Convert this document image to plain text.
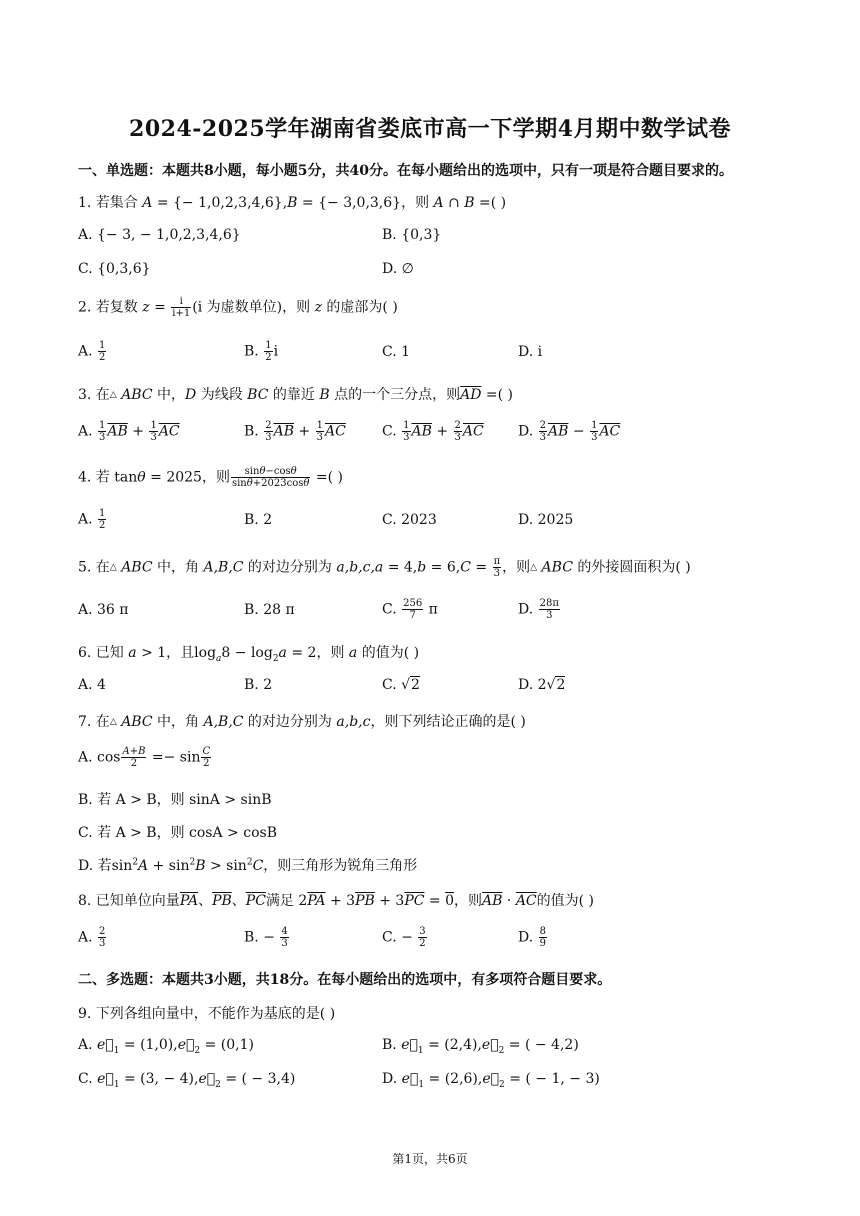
2024-2025学年湖南省娄底市高一下学期4月期中数学试卷
一、单选题：本题共8小题，每小题5分，共40分。在每小题给出的选项中，只有一项是符合题目要求的。
1. 若集合 A = {− 1,0,2,3,4,6},B = {− 3,0,3,6}，则 A ∩ B =( )
A. {− 3, − 1,0,2,3,4,6}	B. {0,3}
C. {0,3,6}	D. ∅
2. 若复数 $z = \frac{i}{i+1} (i$ 为虚数单位)，则 z 的虚部为( )
A. $\frac{1}{2}$	B. $\frac{1}{2}$ i	C. 1	D. i
3. 在△ ABC 中，D 为线段 BC 的靠近 B 点的一个三分点，则$\overline{AD}$ =( )
A. $\frac{1}{3} \overline{AB} + \frac{1}{3} \overline{AC}$	B. $\frac{2}{3} \overline{AB} + \frac{1}{3} \overline{AC}$	C. $\frac{1}{3} \overline{AB} + \frac{2}{3} \overline{AC}$ D. $\frac{2}{3} \overline{AB} - \frac{1}{3} \overline{AC}$
4. 若 tanθ = 2025，则 $\frac{\sin\theta-\cos\theta}{\sin\theta+2023\cos\theta}$ =( )
A. $\frac{1}{2}$	B. 2	C. 2023	D. 2025
5. 在△ ABC 中，角 A,B,C 的对边分别为 $a,b,c,a = 4,b = 6,C = \frac{\pi}{3}$ ，则△ ABC 的外接圆面积为( )
A. 36 π	B. 28 π	C. $\frac{256}{7}$ π	D. $\frac{28\pi}{3}$
6. 已知 a > 1，且$\log_a8 - \log_2a = 2$，则 a 的值为( )
A. 4	B. 2	C. √2	D. 2√2
7. 在△ ABC 中，角 A,B,C 的对边分别为 a,b,c，则下列结论正确的是( )
A. $\cos \frac{A+B}{2} =- \sin \frac{C}{2}$
B. 若 A > B，则 sinA > sinB
C. 若 A > B，则 cosA > cosB
D. 若$\sin^2A + \sin^2B > \sin^2C$，则三角形为锐角三角形
8. 已知单位向量$\overline{PA}$、$\overline{PB}$、$\overline{PC}$满足 $2\overline{PA} + 3\overline{PB} + 3\overline{PC} = 0$，则$\overline{AB} \cdot \overline{AC}$的值为( )
A. $\frac{2}{3}$	B. − $\frac{4}{3}$	C. − $\frac{3}{2}$	D. $\frac{8}{9}$
二、多选题：本题共3小题，共18分。在每小题给出的选项中，有多项符合题目要求。
9. 下列各组向量中，不能作为基底的是( )
A. $e⃗_1$ = $(1,0),e⃗_2 = (0,1)$	B. $e⃗_1$ = $(2,4),e⃗_2$ = ( − 4,2)
C. $e⃗_1 = (3$, − $4),e⃗_2$ = ( − 3,4)	D. $e⃗_1$ = $(2,6),e⃗_2$ = ( − 1, − 3)
第1页，共6页
